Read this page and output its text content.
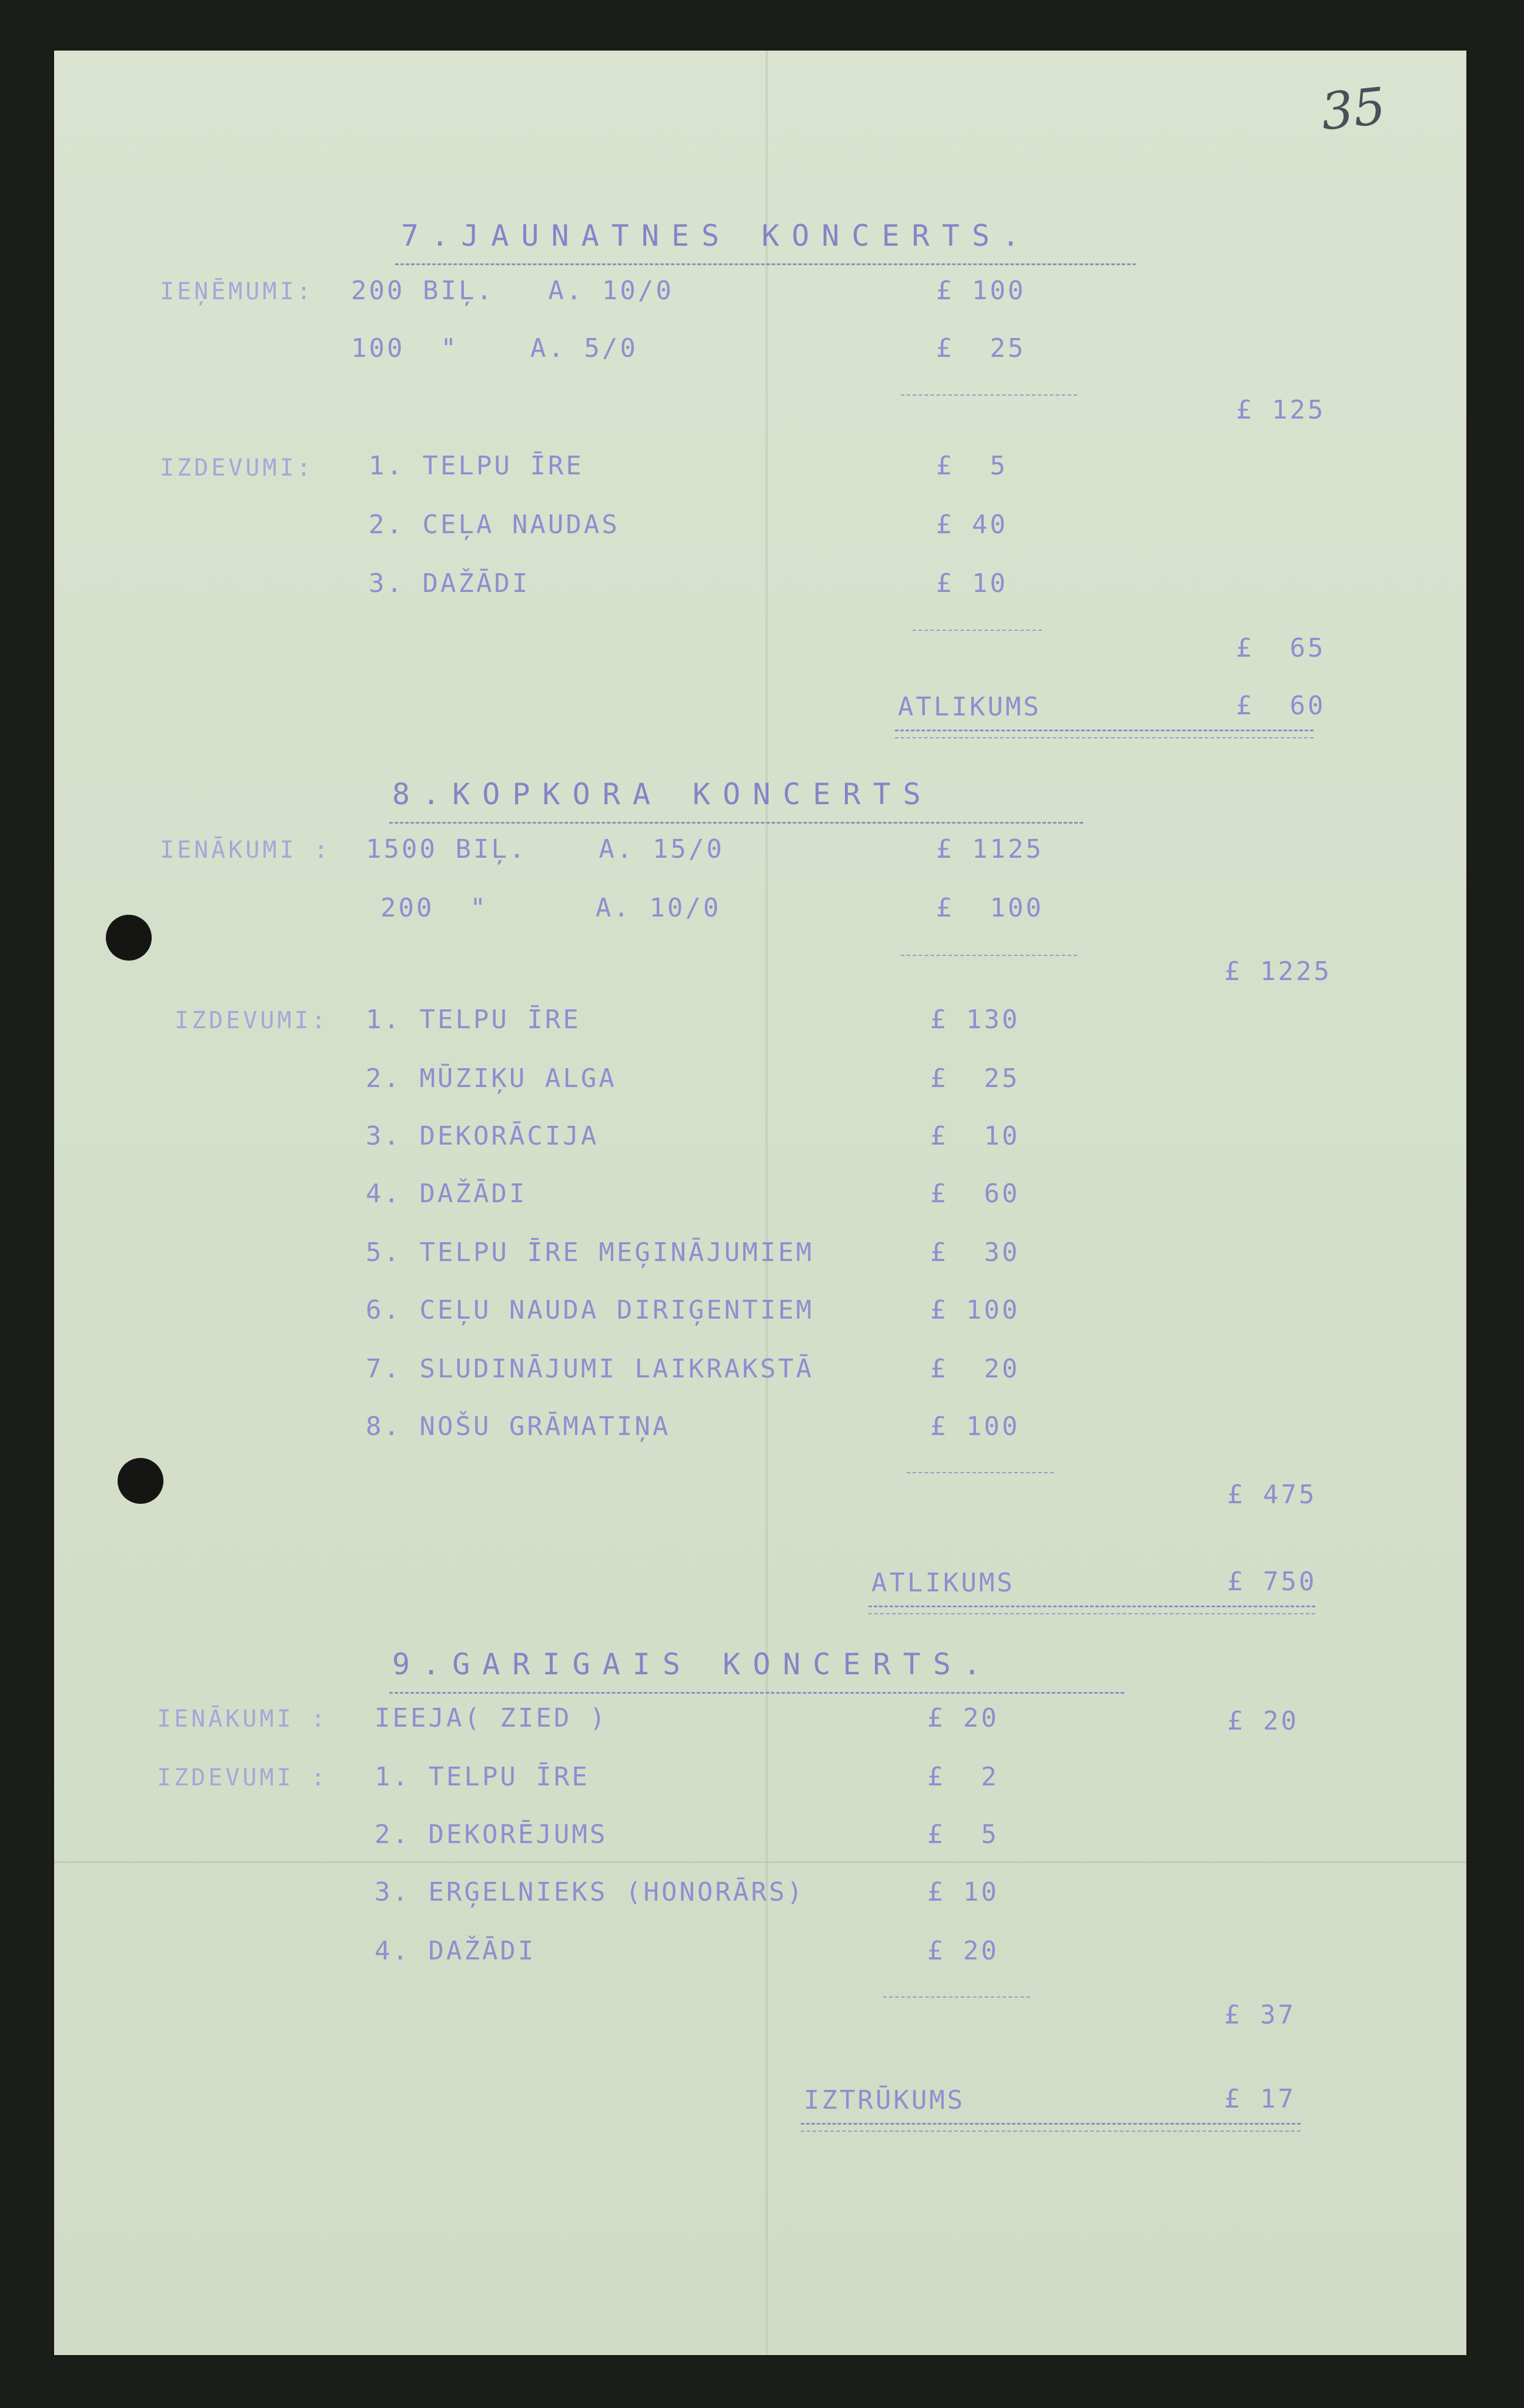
35
7.JAUNATNES KONCERTS.
IEŅĒMUMI: 200 BIĻ.   A. 10/0	£ 100
100  "    A. 5/0	£  25
£ 125
IZDEVUMI: 1. TELPU ĪRE	£  5
2. CEĻA NAUDAS	£ 40
3. DAŽĀDI	£ 10
£  65
ATLIKUMS	£  60
8.KOPKORA KONCERTS
IENĀKUMI : 1500 BIĻ.    A. 15/0	£ 1125
200  "      A. 10/0	£  100
£ 1225
IZDEVUMI: 1. TELPU ĪRE	£ 130
2. MŪZIĶU ALGA	£  25
3. DEKORĀCIJA	£  10
4. DAŽĀDI	£  60
5. TELPU ĪRE MEĢINĀJUMIEM	£  30
6. CEĻU NAUDA DIRIĢENTIEM	£ 100
7. SLUDINĀJUMI LAIKRAKSTĀ	£  20
8. NOŠU GRĀMATIŅA	£ 100
£ 475
ATLIKUMS	£ 750
9.GARIGAIS KONCERTS.
IENĀKUMI : IEEJA( ZIED )	£ 20	£ 20
IZDEVUMI : 1. TELPU ĪRE	£  2
2. DEKORĒJUMS	£  5
3. ERĢELNIEKS (HONORĀRS)	£ 10
4. DAŽĀDI	£ 20
£ 37
IZTRŪKUMS	£ 17
